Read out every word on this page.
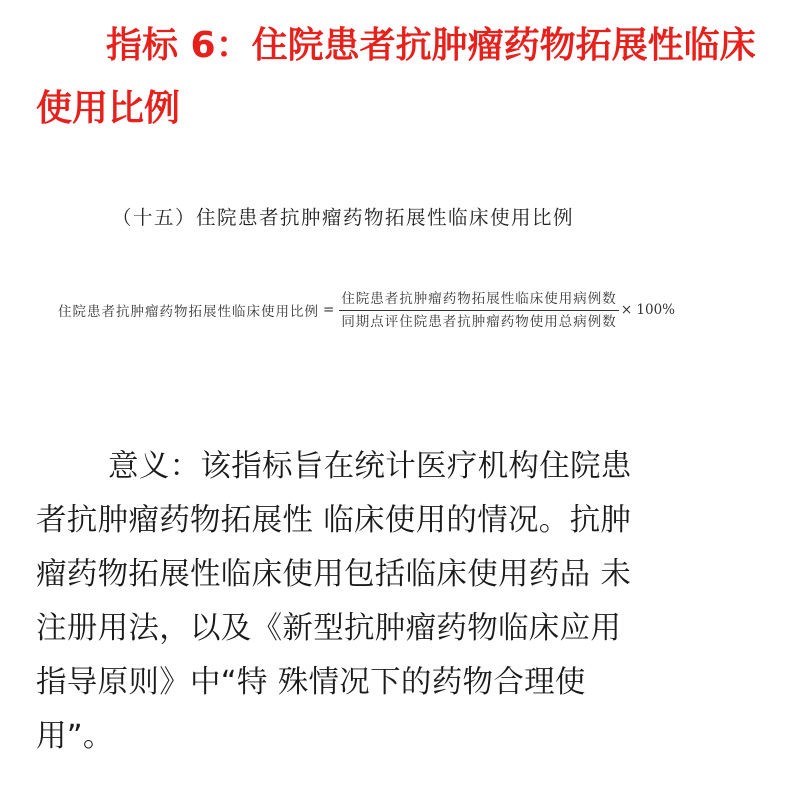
指标 6：住院患者抗肿瘤药物拓展性临床
使用比例
（十五）住院患者抗肿瘤药物拓展性临床使用比例
住院患者抗肿瘤药物拓展性临床使用比例 = $\frac{\text{住院患者抗肿瘤药物拓展性临床使用病例数}}{\text{同期点评住院患者抗肿瘤药物使用总病例数}} \times 100\%$
意义：该指标旨在统计医疗机构住院患
者抗肿瘤药物拓展性 临床使用的情况。抗肿
瘤药物拓展性临床使用包括临床使用药品 未
注册用法，以及《新型抗肿瘤药物临床应用
指导原则》中“特 殊情况下的药物合理使
用”。
